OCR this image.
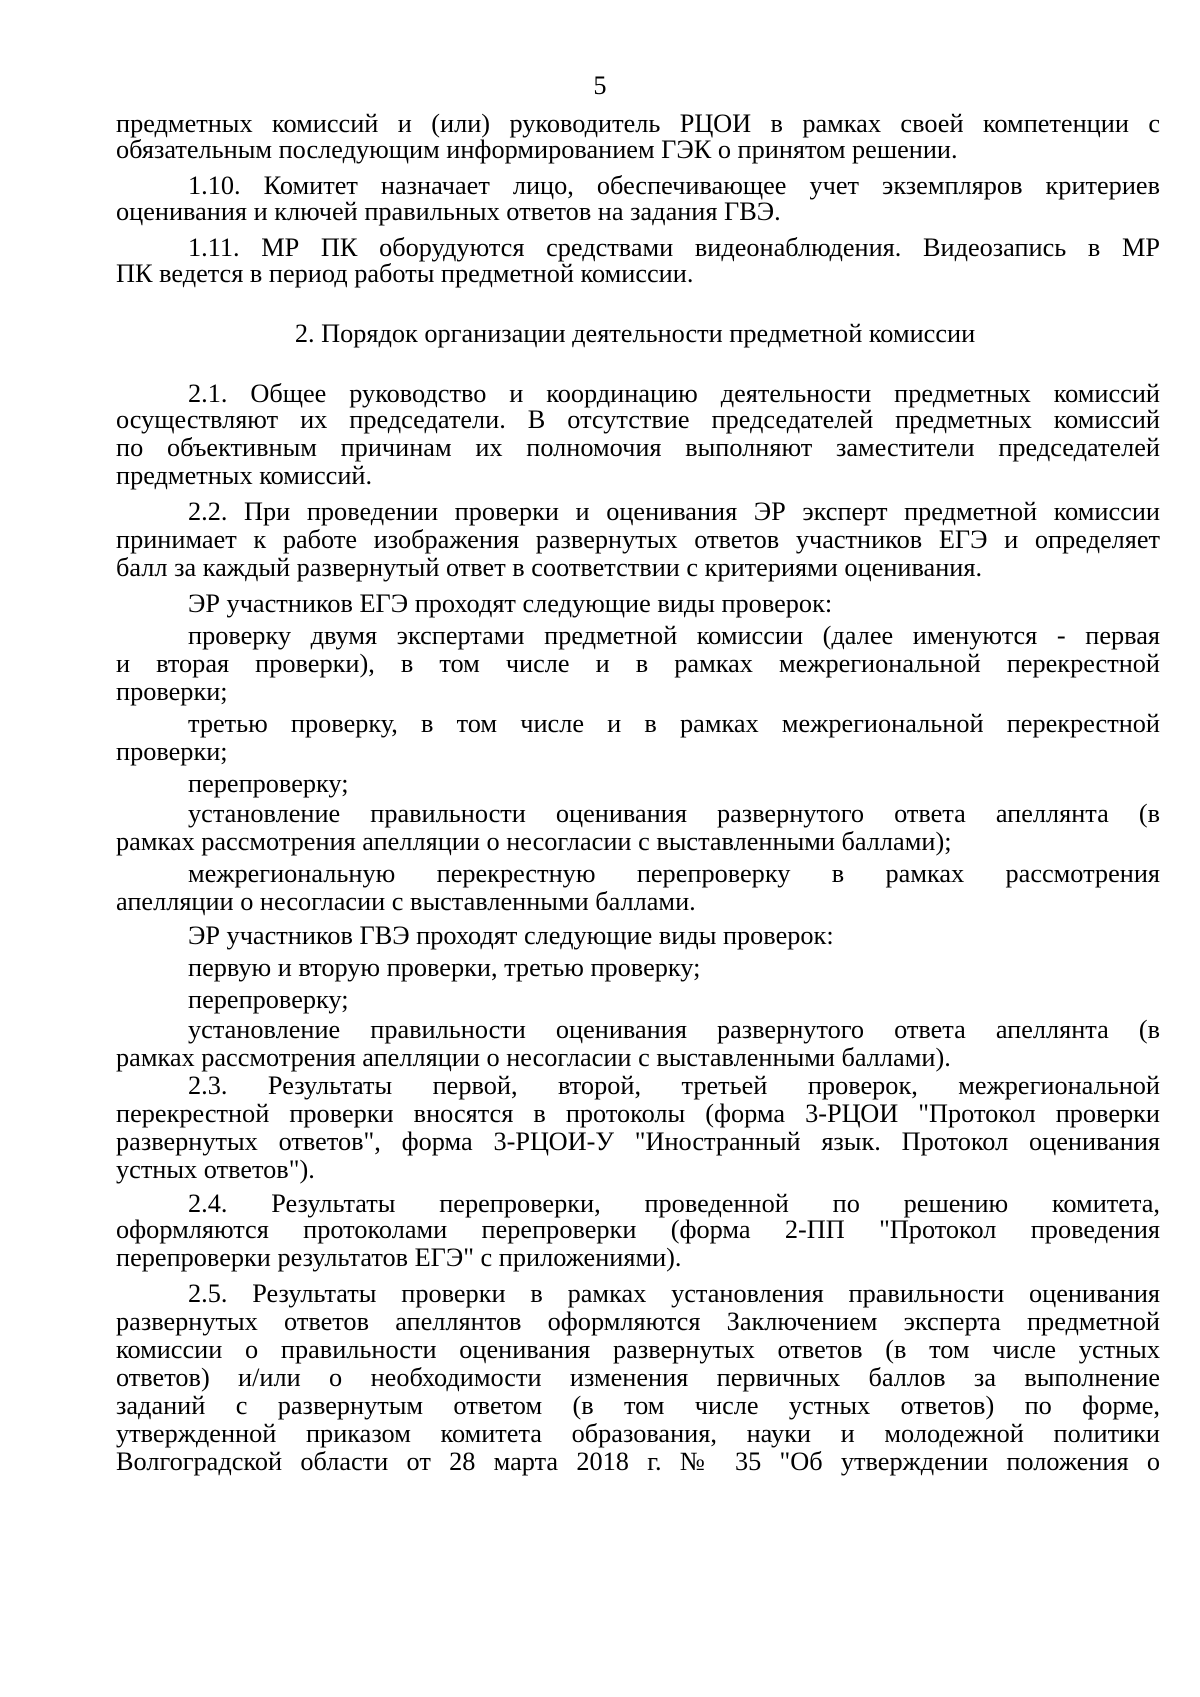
5
предметных комиссий и (или) руководитель РЦОИ в рамках своей компетенции с
обязательным последующим информированием ГЭК о принятом решении.
1.10. Комитет назначает лицо, обеспечивающее учет экземпляров критериев
оценивания и ключей правильных ответов на задания ГВЭ.
1.11. МР ПК оборудуются средствами видеонаблюдения. Видеозапись в МР
ПК ведется в период работы предметной комиссии.
2. Порядок организации деятельности предметной комиссии
2.1. Общее руководство и координацию деятельности предметных комиссий
осуществляют их председатели. В отсутствие председателей предметных комиссий
по объективным причинам их полномочия выполняют заместители председателей
предметных комиссий.
2.2. При проведении проверки и оценивания ЭР эксперт предметной комиссии
принимает к работе изображения развернутых ответов участников ЕГЭ и определяет
балл за каждый развернутый ответ в соответствии с критериями оценивания.
ЭР участников ЕГЭ проходят следующие виды проверок:
проверку двумя экспертами предметной комиссии (далее именуются - первая
и вторая проверки), в том числе и в рамках межрегиональной перекрестной
проверки;
третью проверку, в том числе и в рамках межрегиональной перекрестной
проверки;
перепроверку;
установление правильности оценивания развернутого ответа апеллянта (в
рамках рассмотрения апелляции о несогласии с выставленными баллами);
межрегиональную перекрестную перепроверку в рамках рассмотрения
апелляции о несогласии с выставленными баллами.
ЭР участников ГВЭ проходят следующие виды проверок:
первую и вторую проверки, третью проверку;
перепроверку;
установление правильности оценивания развернутого ответа апеллянта (в
рамках рассмотрения апелляции о несогласии с выставленными баллами).
2.3. Результаты первой, второй, третьей проверок, межрегиональной
перекрестной проверки вносятся в протоколы (форма 3-РЦОИ "Протокол проверки
развернутых ответов", форма 3-РЦОИ-У "Иностранный язык. Протокол оценивания
устных ответов").
2.4. Результаты перепроверки, проведенной по решению комитета,
оформляются протоколами перепроверки (форма 2-ПП "Протокол проведения
перепроверки результатов ЕГЭ" с приложениями).
2.5. Результаты проверки в рамках установления правильности оценивания
развернутых ответов апеллянтов оформляются Заключением эксперта предметной
комиссии о правильности оценивания развернутых ответов (в том числе устных
ответов) и/или о необходимости изменения первичных баллов за выполнение
заданий с развернутым ответом (в том числе устных ответов) по форме,
утвержденной приказом комитета образования, науки и молодежной политики
Волгоградской области от 28 марта 2018 г. № 35 "Об утверждении положения о
